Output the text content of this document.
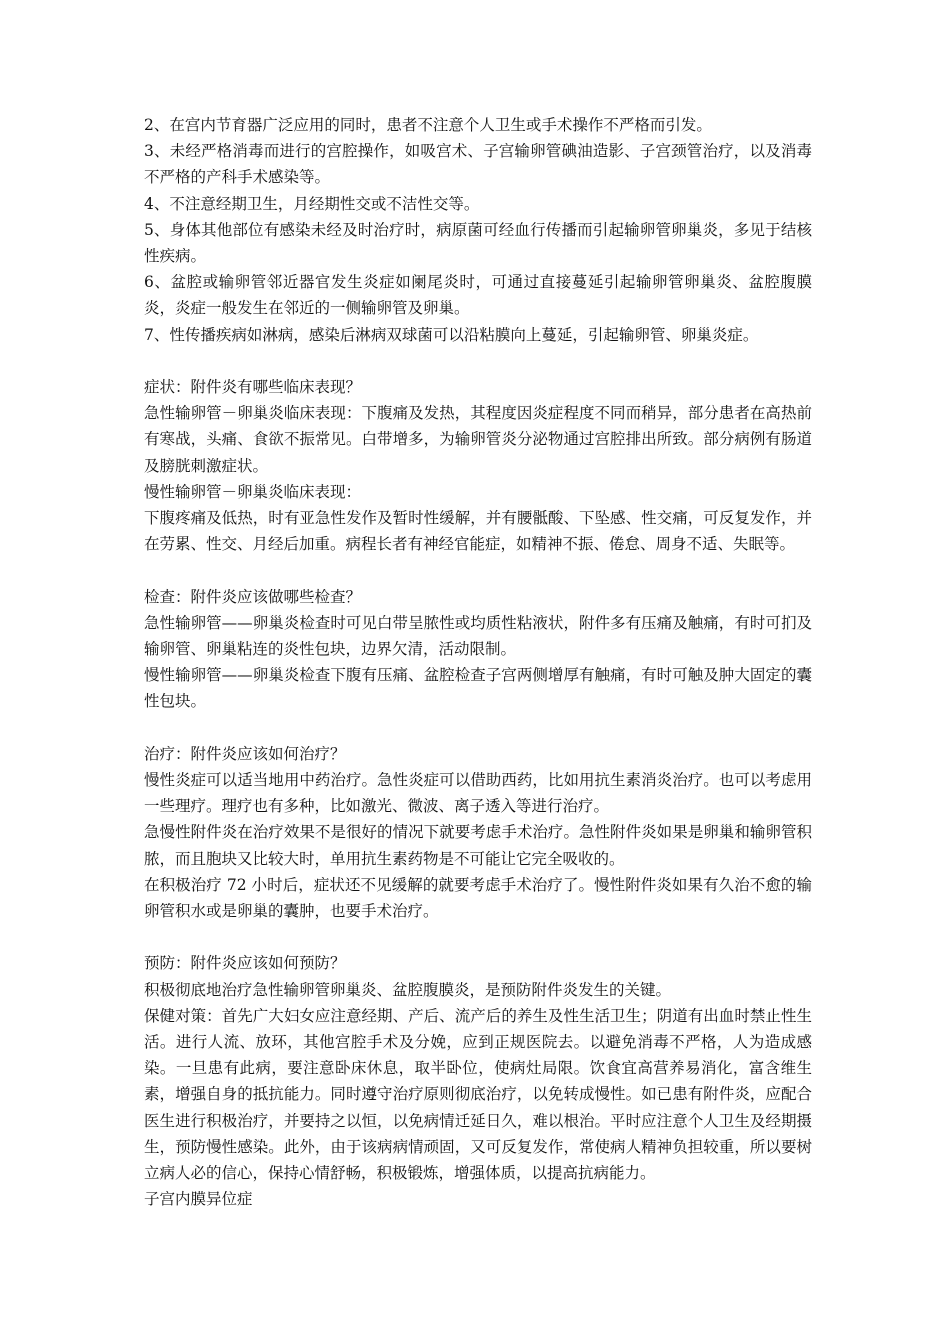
2、在宫内节育器广泛应用的同时，患者不注意个人卫生或手术操作不严格而引发。

3、未经严格消毒而进行的宫腔操作，如吸宫术、子宫输卵管碘油造影、子宫颈管治疗，以及消毒不严格的产科手术感染等。

4、不注意经期卫生，月经期性交或不洁性交等。

5、身体其他部位有感染未经及时治疗时，病原菌可经血行传播而引起输卵管卵巢炎，多见于结核性疾病。

6、盆腔或输卵管邻近器官发生炎症如阑尾炎时，可通过直接蔓延引起输卵管卵巢炎、盆腔腹膜炎，炎症一般发生在邻近的一侧输卵管及卵巢。

7、性传播疾病如淋病，感染后淋病双球菌可以沿粘膜向上蔓延，引起输卵管、卵巢炎症。

症状：附件炎有哪些临床表现？

急性输卵管－卵巢炎临床表现：下腹痛及发热，其程度因炎症程度不同而稍异，部分患者在高热前有寒战，头痛、食欲不振常见。白带增多，为输卵管炎分泌物通过宫腔排出所致。部分病例有肠道及膀胱刺激症状。

慢性输卵管－卵巢炎临床表现：

下腹疼痛及低热，时有亚急性发作及暂时性缓解，并有腰骶酸、下坠感、性交痛，可反复发作，并在劳累、性交、月经后加重。病程长者有神经官能症，如精神不振、倦怠、周身不适、失眠等。

检查：附件炎应该做哪些检查？

急性输卵管——卵巢炎检查时可见白带呈脓性或均质性粘液状，附件多有压痛及触痛，有时可扪及输卵管、卵巢粘连的炎性包块，边界欠清，活动限制。

慢性输卵管——卵巢炎检查下腹有压痛、盆腔检查子宫两侧增厚有触痛，有时可触及肿大固定的囊性包块。

治疗：附件炎应该如何治疗？

慢性炎症可以适当地用中药治疗。急性炎症可以借助西药，比如用抗生素消炎治疗。也可以考虑用一些理疗。理疗也有多种，比如激光、微波、离子透入等进行治疗。

急慢性附件炎在治疗效果不是很好的情况下就要考虑手术治疗。急性附件炎如果是卵巢和输卵管积脓，而且胞块又比较大时，单用抗生素药物是不可能让它完全吸收的。

在积极治疗 72 小时后，症状还不见缓解的就要考虑手术治疗了。慢性附件炎如果有久治不愈的输卵管积水或是卵巢的囊肿，也要手术治疗。

预防：附件炎应该如何预防？

积极彻底地治疗急性输卵管卵巢炎、盆腔腹膜炎，是预防附件炎发生的关键。

保健对策：首先广大妇女应注意经期、产后、流产后的养生及性生活卫生；阴道有出血时禁止性生活。进行人流、放环，其他宫腔手术及分娩，应到正规医院去。以避免消毒不严格，人为造成感染。一旦患有此病，要注意卧床休息，取半卧位，使病灶局限。饮食宜高营养易消化，富含维生素，增强自身的抵抗能力。同时遵守治疗原则彻底治疗，以免转成慢性。如已患有附件炎，应配合医生进行积极治疗，并要持之以恒，以免病情迁延日久，难以根治。平时应注意个人卫生及经期摄生，预防慢性感染。此外，由于该病病情顽固，又可反复发作，常使病人精神负担较重，所以要树立病人必的信心，保持心情舒畅，积极锻炼，增强体质，以提高抗病能力。

子宫内膜异位症
